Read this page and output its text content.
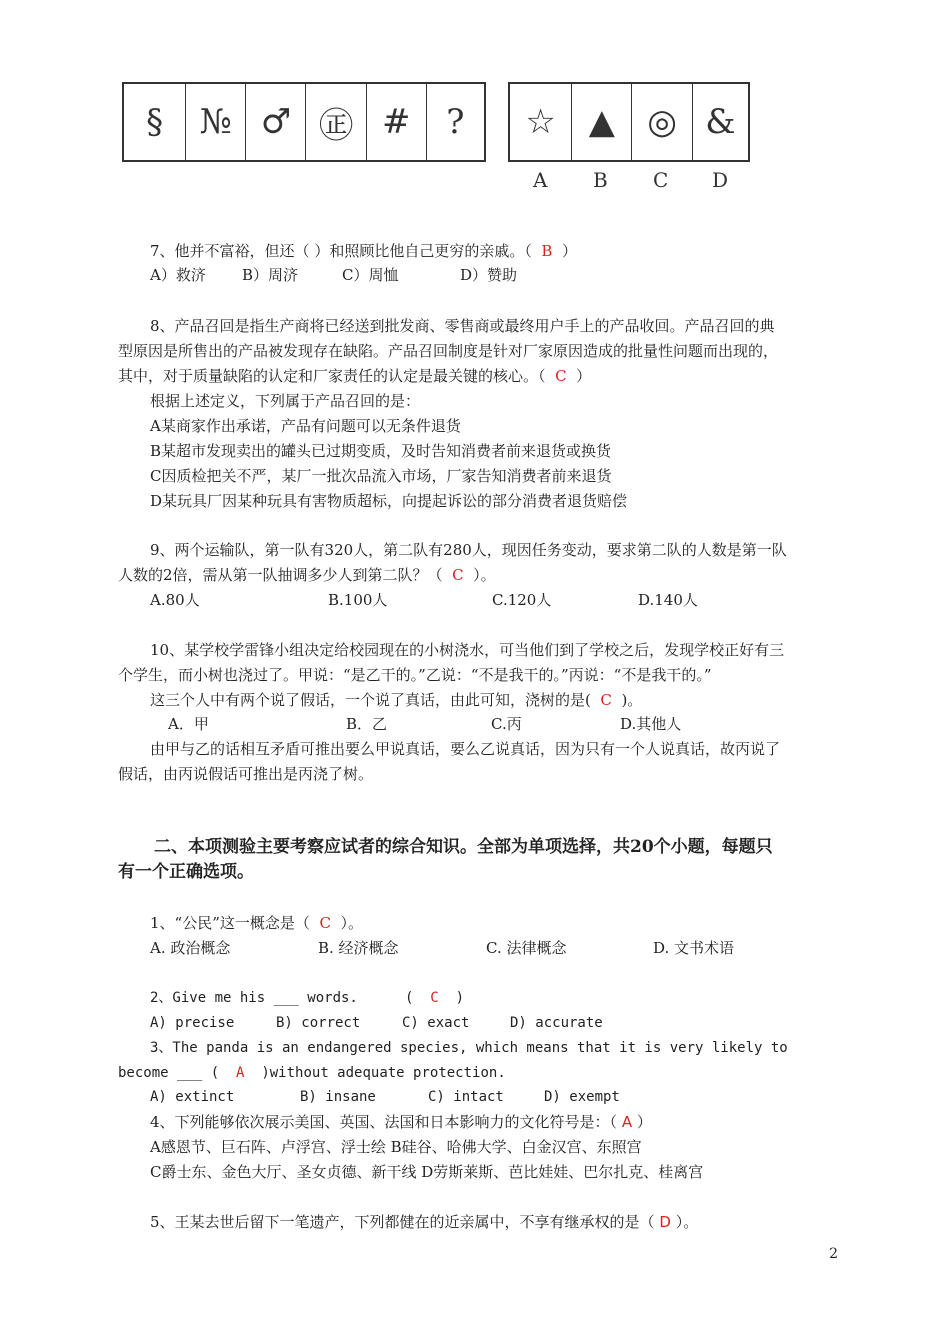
§	№ ♂ ㊣ #	?	☆ ▲ ◎ &
A B C D
7、他并不富裕，但还（ ）和照顾比他自己更穷的亲戚。（ B ）
A）救济 B）周济	C）周恤	D）赞助
8、产品召回是指生产商将已经送到批发商、零售商或最终用户手上的产品收回。产品召回的典
型原因是所售出的产品被发现存在缺陷。产品召回制度是针对厂家原因造成的批量性问题而出现的，
其中，对于质量缺陷的认定和厂家责任的认定是最关键的核心。（ C ）
根据上述定义，下列属于产品召回的是：
A某商家作出承诺，产品有问题可以无条件退货
B某超市发现卖出的罐头已过期变质，及时告知消费者前来退货或换货
C因质检把关不严，某厂一批次品流入市场，厂家告知消费者前来退货
D某玩具厂因某种玩具有害物质超标，向提起诉讼的部分消费者退货赔偿
9、两个运输队，第一队有320人，第二队有280人，现因任务变动，要求第二队的人数是第一队
人数的2倍，需从第一队抽调多少人到第二队？（ C ）。
A.80人	B.100人	C.120人	D.140人
10、某学校学雷锋小组决定给校园现在的小树浇水，可当他们到了学校之后，发现学校正好有三
个学生，而小树也浇过了。甲说：“是乙干的。”乙说：“不是我干的。”丙说：“不是我干的。”
这三个人中有两个说了假话，一个说了真话，由此可知，浇树的是( C )。
A．甲	B．乙	C.丙	D.其他人
由甲与乙的话相互矛盾可推出要么甲说真话，要么乙说真话，因为只有一个人说真话，故丙说了
假话，由丙说假话可推出是丙浇了树。
二、本项测验主要考察应试者的综合知识。全部为单项选择，共20个小题，每题只
有一个正确选项。
1、“公民”这一概念是（ C ）。
A. 政治概念	B. 经济概念	C. 法律概念	D. 文书术语
2、Give me his ___ words.	( C )
A) precise	B) correct	C) exact	D) accurate
3、The panda is an endangered species, which means that it is very likely to
become ___ ( A )without adequate protection.
A) extinct	B) insane	C) intact	D) exempt
4、下列能够依次展示美国、英国、法国和日本影响力的文化符号是：（ A ）
A感恩节、巨石阵、卢浮宫、浮士绘 B硅谷、哈佛大学、白金汉宫、东照宫
C爵士东、金色大厅、圣女贞德、新干线 D劳斯莱斯、芭比娃娃、巴尔扎克、桂离宫
5、王某去世后留下一笔遗产，下列都健在的近亲属中，不享有继承权的是（ D ）。
2
